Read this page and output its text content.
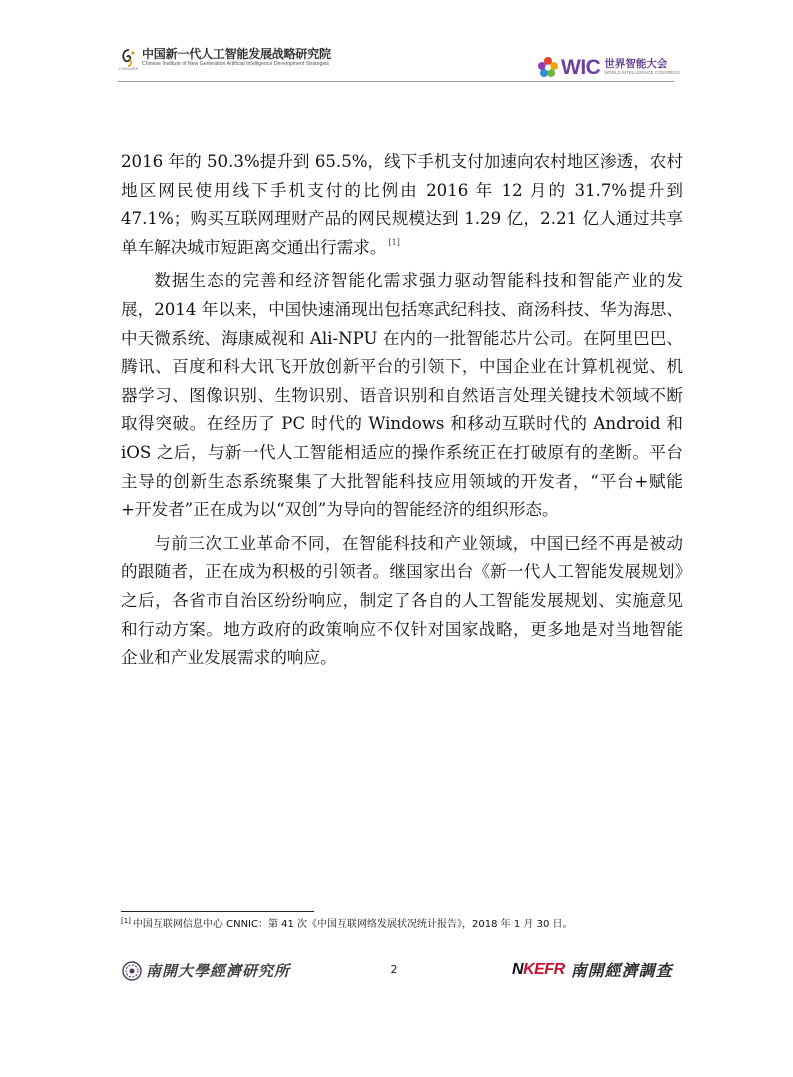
CINGAIDS
中国新一代人工智能发展战略研究院
Chinese Institute of New Generation Artificial Intelligence Development Strategies	WIC 世界智能大会
WORLD INTELLIGENCE CONGRESS

2016 年的 50.3%提升到 65.5%，线下手机支付加速向农村地区渗透，农村地区网民使用线下手机支付的比例由 2016 年 12 月的 31.7%提升到 47.1%；购买互联网理财产品的网民规模达到 1.29 亿，2.21 亿人通过共享单车解决城市短距离交通出行需求。 [1]

数据生态的完善和经济智能化需求强力驱动智能科技和智能产业的发展，2014 年以来，中国快速涌现出包括寒武纪科技、商汤科技、华为海思、中天微系统、海康威视和 Ali-NPU 在内的一批智能芯片公司。在阿里巴巴、腾讯、百度和科大讯飞开放创新平台的引领下，中国企业在计算机视觉、机器学习、图像识别、生物识别、语音识别和自然语言处理关键技术领域不断取得突破。在经历了 PC 时代的 Windows 和移动互联时代的 Android 和 iOS 之后，与新一代人工智能相适应的操作系统正在打破原有的垄断。平台主导的创新生态系统聚集了大批智能科技应用领域的开发者，“平台+赋能+开发者”正在成为以“双创”为导向的智能经济的组织形态。

与前三次工业革命不同，在智能科技和产业领域，中国已经不再是被动的跟随者，正在成为积极的引领者。继国家出台《新一代人工智能发展规划》之后，各省市自治区纷纷响应，制定了各自的人工智能发展规划、实施意见和行动方案。地方政府的政策响应不仅针对国家战略，更多地是对当地智能企业和产业发展需求的响应。

[1] 中国互联网信息中心 CNNIC：第 41 次《中国互联网络发展状况统计报告》，2018 年 1 月 30 日。
南開大學經濟研究所	2	NKEFR 南開經濟調查
